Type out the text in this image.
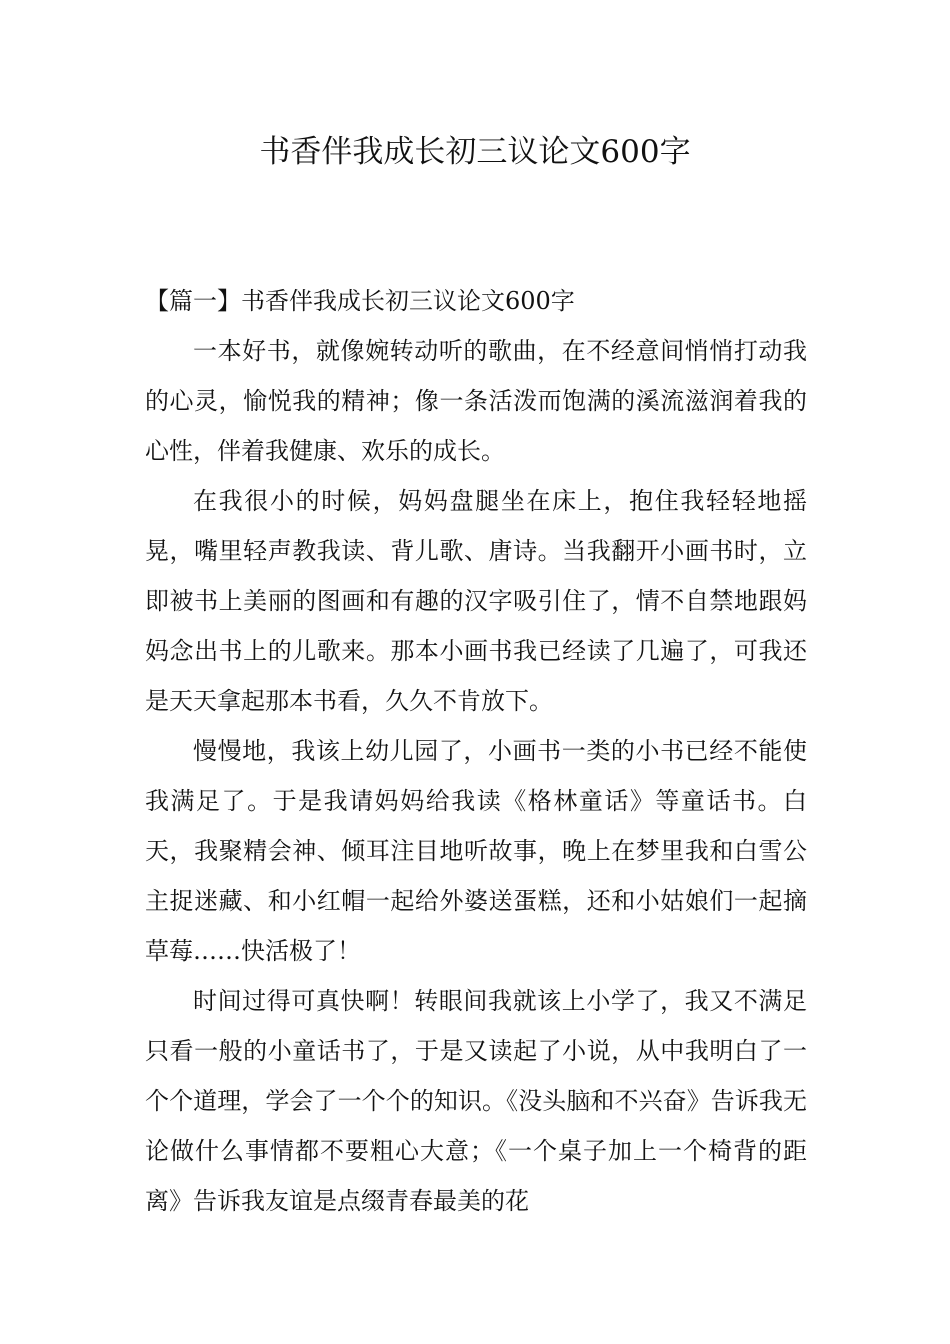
书香伴我成长初三议论文600字

【篇一】书香伴我成长初三议论文600字

一本好书，就像婉转动听的歌曲，在不经意间悄悄打动我的心灵，愉悦我的精神；像一条活泼而饱满的溪流滋润着我的心性，伴着我健康、欢乐的成长。

在我很小的时候，妈妈盘腿坐在床上，抱住我轻轻地摇晃，嘴里轻声教我读、背儿歌、唐诗。当我翻开小画书时，立即被书上美丽的图画和有趣的汉字吸引住了，情不自禁地跟妈妈念出书上的儿歌来。那本小画书我已经读了几遍了，可我还是天天拿起那本书看，久久不肯放下。

慢慢地，我该上幼儿园了，小画书一类的小书已经不能使我满足了。于是我请妈妈给我读《格林童话》等童话书。白天，我聚精会神、倾耳注目地听故事，晚上在梦里我和白雪公主捉迷藏、和小红帽一起给外婆送蛋糕，还和小姑娘们一起摘草莓……快活极了！

时间过得可真快啊！转眼间我就该上小学了，我又不满足只看一般的小童话书了，于是又读起了小说，从中我明白了一个个道理，学会了一个个的知识。《没头脑和不兴奋》告诉我无论做什么事情都不要粗心大意；《一个桌子加上一个椅背的距离》告诉我友谊是点缀青春最美的花
